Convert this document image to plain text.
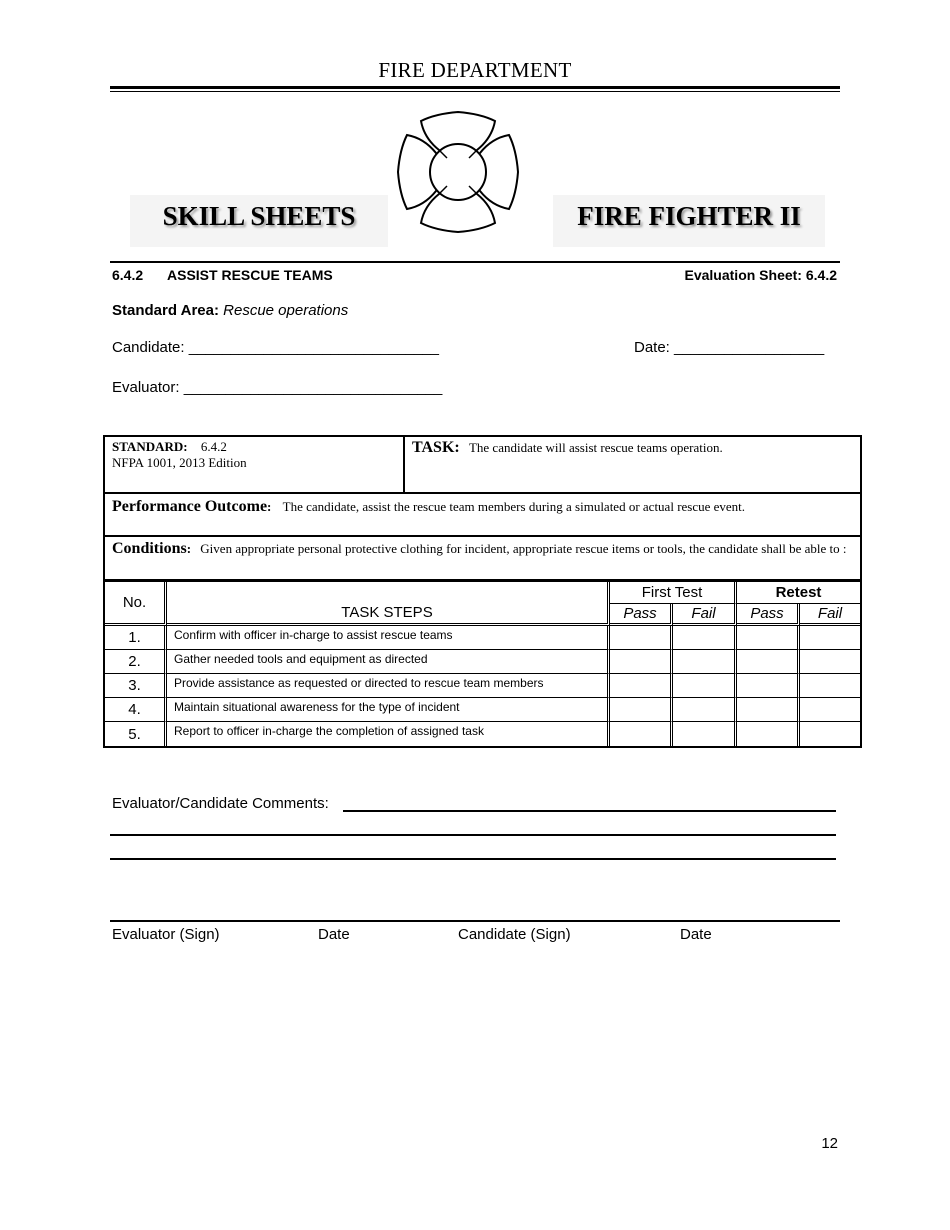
FIRE DEPARTMENT
SKILL SHEETS	FIRE FIGHTER II
6.4.2 ASSIST RESCUE TEAMS	Evaluation Sheet: 6.4.2
Standard Area: Rescue operations
Candidate: ______________________________	Date: __________________
Evaluator: _______________________________
STANDARD: 6.4.2
NFPA 1001, 2013 Edition	TASK: The candidate will assist rescue teams operation.
Performance Outcome: The candidate, assist the rescue team members during a simulated or actual rescue event.
Conditions: Given appropriate personal protective clothing for incident, appropriate rescue items or tools, the candidate shall be able to :
No.	TASK STEPS	First Test		Retest	
		Pass	Fail	Pass	Fail
1.	Confirm with officer in-charge to assist rescue teams				
2.	Gather needed tools and equipment as directed				
3.	Provide assistance as requested or directed to rescue team members				
4.	Maintain situational awareness for the type of incident				
5.	Report to officer in-charge the completion of assigned task				
Evaluator/Candidate Comments:
Evaluator (Sign)	Date	Candidate (Sign)	Date
12
